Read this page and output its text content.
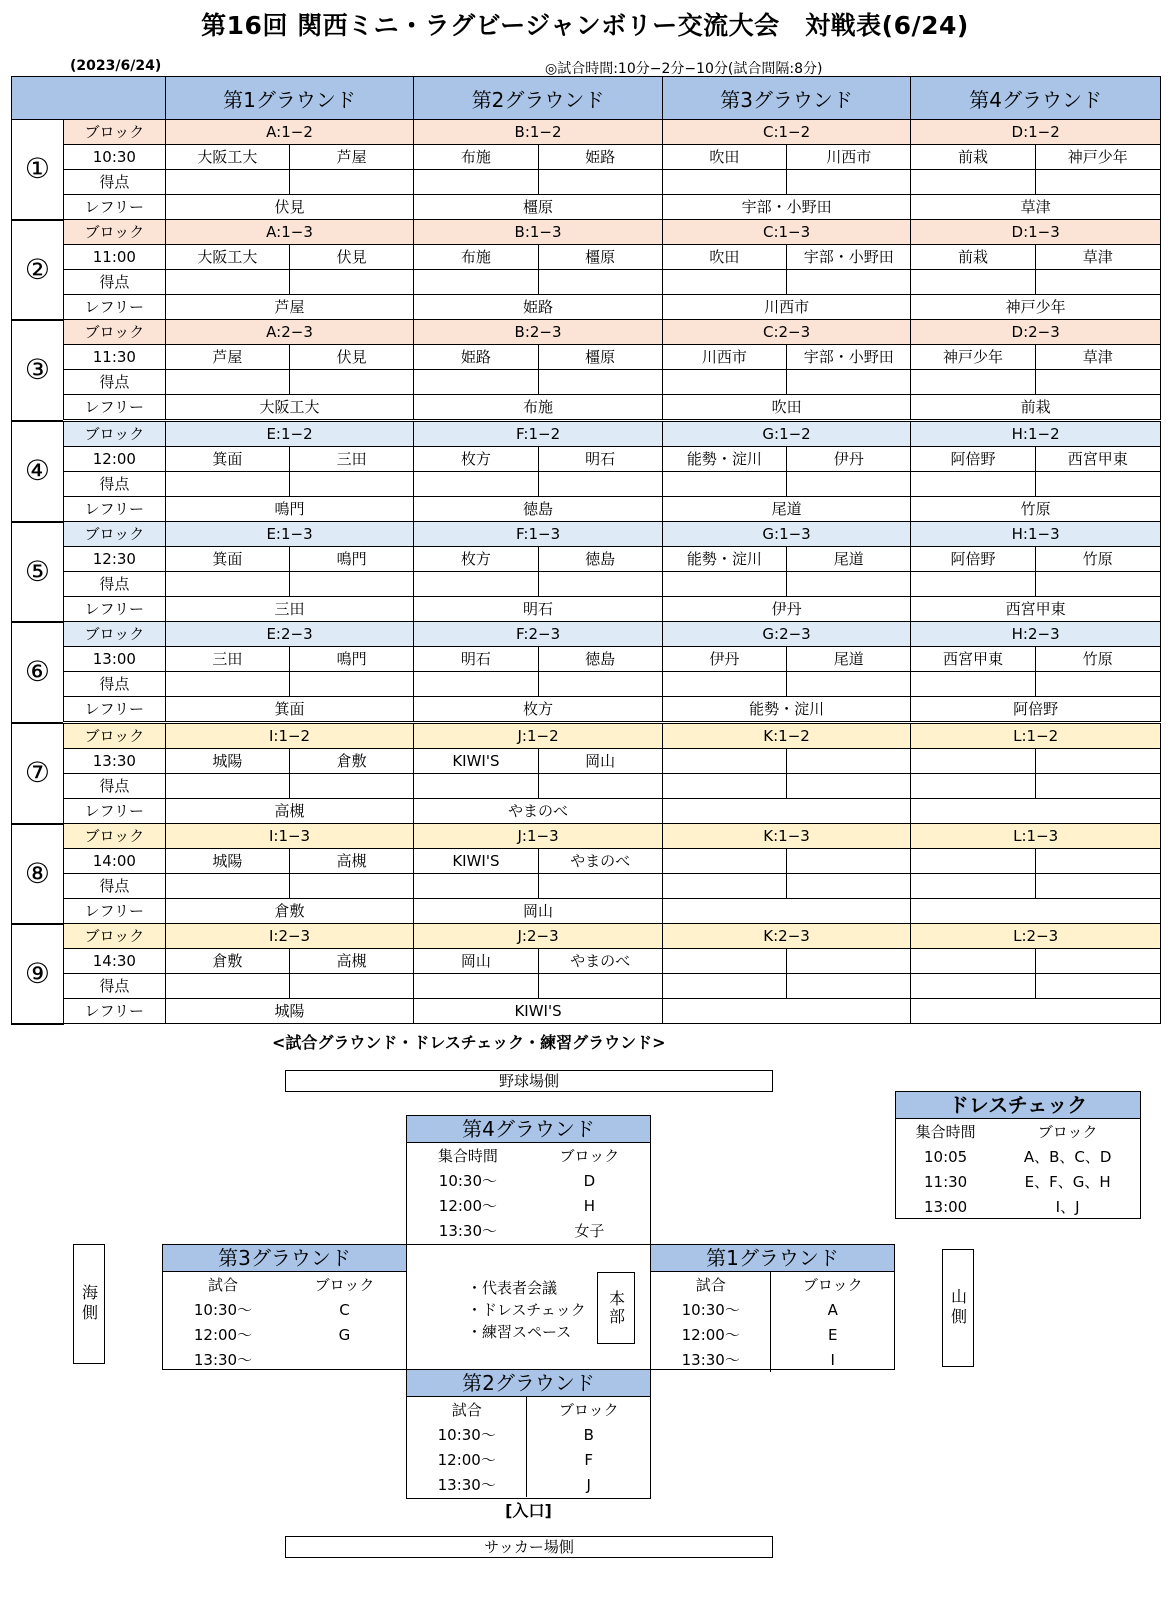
第16回 関西ミニ・ラグビージャンボリー交流大会　対戦表(6/24)
(2023/6/24)	◎試合時間:10分−2分−10分(試合間隔:8分)
		第1グラウンド		第2グラウンド		第3グラウンド		第4グラウンド	
①	ブロック	A:1−2		B:1−2		C:1−2		D:1−2	
	10:30	大阪工大	芦屋	布施	姫路	吹田	川西市	前栽	神戸少年
	得点								
	レフリー	伏見		橿原		宇部・小野田		草津	
②	ブロック	A:1−3		B:1−3		C:1−3		D:1−3	
	11:00	大阪工大	伏見	布施	橿原	吹田	宇部・小野田	前栽	草津
	得点								
	レフリー	芦屋		姫路		川西市		神戸少年	
③	ブロック	A:2−3		B:2−3		C:2−3		D:2−3	
	11:30	芦屋	伏見	姫路	橿原	川西市	宇部・小野田	神戸少年	草津
	得点								
	レフリー	大阪工大		布施		吹田		前栽	
④	ブロック	E:1−2		F:1−2		G:1−2		H:1−2	
	12:00	箕面	三田	枚方	明石	能勢・淀川	伊丹	阿倍野	西宮甲東
	得点								
	レフリー	鳴門		徳島		尾道		竹原	
⑤	ブロック	E:1−3		F:1−3		G:1−3		H:1−3	
	12:30	箕面	鳴門	枚方	徳島	能勢・淀川	尾道	阿倍野	竹原
	得点								
	レフリー	三田		明石		伊丹		西宮甲東	
⑥	ブロック	E:2−3		F:2−3		G:2−3		H:2−3	
	13:00	三田	鳴門	明石	徳島	伊丹	尾道	西宮甲東	竹原
	得点								
	レフリー	箕面		枚方		能勢・淀川		阿倍野	
⑦	ブロック	I:1−2		J:1−2		K:1−2		L:1−2	
	13:30	城陽	倉敷	KIWI'S	岡山				
	得点								
	レフリー	高槻		やまのべ					
⑧	ブロック	I:1−3		J:1−3		K:1−3		L:1−3	
	14:00	城陽	高槻	KIWI'S	やまのべ				
	得点								
	レフリー	倉敷		岡山					
⑨	ブロック	I:2−3		J:2−3		K:2−3		L:2−3	
	14:30	倉敷	高槻	岡山	やまのべ				
	得点								
	レフリー	城陽		KIWI'S					
<試合グラウンド・ドレスチェック・練習グラウンド>
野球場側
サッカー場側
海側	山側
第4グラウンド
集合時間	ブロック
10:30〜	D
12:00〜	H
13:30〜	女子
第3グラウンド
試合	ブロック
10:30〜	C
12:00〜	G
13:30〜	
・代表者会議
・ドレスチェック
・練習スペース
本部
第1グラウンド
試合	ブロック
10:30〜	A
12:00〜	E
13:30〜	I
第2グラウンド
試合	ブロック
10:30〜	B
12:00〜	F
13:30〜	J
[入口]
ドレスチェック
集合時間	ブロック
10:05	A、B、C、D
11:30	E、F、G、H
13:00	I、J
